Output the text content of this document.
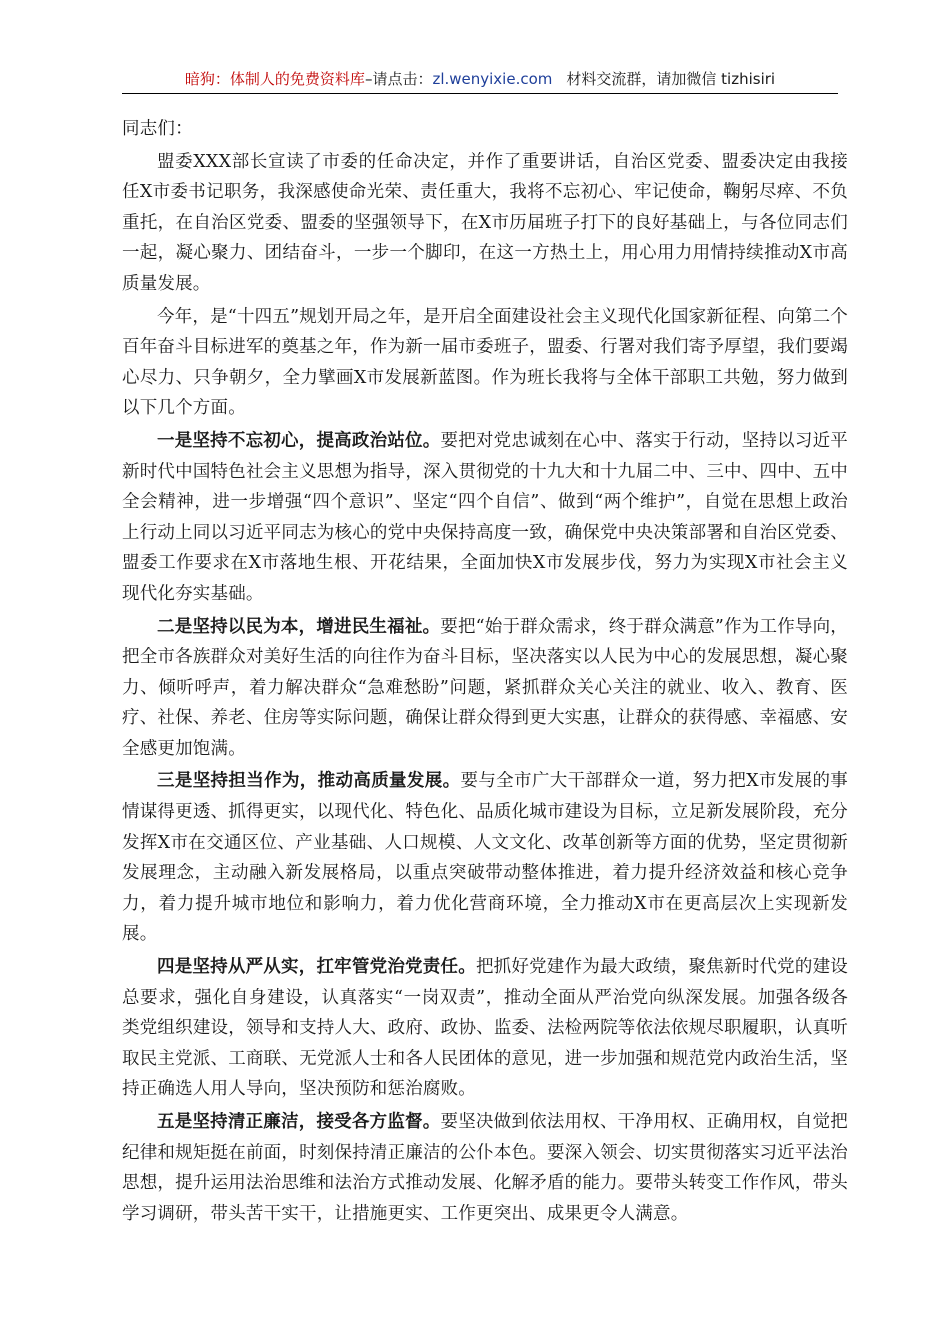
暗狗：体制人的免费资料库–请点击：zl.wenyixie.com 材料交流群，请加微信 tizhisiri

同志们：

盟委XXX部长宣读了市委的任命决定，并作了重要讲话，自治区党委、盟委决定由我接任X市委书记职务，我深感使命光荣、责任重大，我将不忘初心、牢记使命，鞠躬尽瘁、不负重托，在自治区党委、盟委的坚强领导下，在X市历届班子打下的良好基础上，与各位同志们一起，凝心聚力、团结奋斗，一步一个脚印，在这一方热土上，用心用力用情持续推动X市高质量发展。

今年，是“十四五”规划开局之年，是开启全面建设社会主义现代化国家新征程、向第二个百年奋斗目标进军的奠基之年，作为新一届市委班子，盟委、行署对我们寄予厚望，我们要竭心尽力、只争朝夕，全力擘画X市发展新蓝图。作为班长我将与全体干部职工共勉，努力做到以下几个方面。

一是坚持不忘初心，提高政治站位。要把对党忠诚刻在心中、落实于行动，坚持以习近平新时代中国特色社会主义思想为指导，深入贯彻党的十九大和十九届二中、三中、四中、五中全会精神，进一步增强“四个意识”、坚定“四个自信”、做到“两个维护”，自觉在思想上政治上行动上同以习近平同志为核心的党中央保持高度一致，确保党中央决策部署和自治区党委、盟委工作要求在X市落地生根、开花结果，全面加快X市发展步伐，努力为实现X市社会主义现代化夯实基础。

二是坚持以民为本，增进民生福祉。要把“始于群众需求，终于群众满意”作为工作导向，把全市各族群众对美好生活的向往作为奋斗目标，坚决落实以人民为中心的发展思想，凝心聚力、倾听呼声，着力解决群众“急难愁盼”问题，紧抓群众关心关注的就业、收入、教育、医疗、社保、养老、住房等实际问题，确保让群众得到更大实惠，让群众的获得感、幸福感、安全感更加饱满。

三是坚持担当作为，推动高质量发展。要与全市广大干部群众一道，努力把X市发展的事情谋得更透、抓得更实，以现代化、特色化、品质化城市建设为目标，立足新发展阶段，充分发挥X市在交通区位、产业基础、人口规模、人文文化、改革创新等方面的优势，坚定贯彻新发展理念，主动融入新发展格局，以重点突破带动整体推进，着力提升经济效益和核心竞争力，着力提升城市地位和影响力，着力优化营商环境，全力推动X市在更高层次上实现新发展。

四是坚持从严从实，扛牢管党治党责任。把抓好党建作为最大政绩，聚焦新时代党的建设总要求，强化自身建设，认真落实“一岗双责”，推动全面从严治党向纵深发展。加强各级各类党组织建设，领导和支持人大、政府、政协、监委、法检两院等依法依规尽职履职，认真听取民主党派、工商联、无党派人士和各人民团体的意见，进一步加强和规范党内政治生活，坚持正确选人用人导向，坚决预防和惩治腐败。

五是坚持清正廉洁，接受各方监督。要坚决做到依法用权、干净用权、正确用权，自觉把纪律和规矩挺在前面，时刻保持清正廉洁的公仆本色。要深入领会、切实贯彻落实习近平法治思想，提升运用法治思维和法治方式推动发展、化解矛盾的能力。要带头转变工作作风，带头学习调研，带头苦干实干，让措施更实、工作更突出、成果更令人满意。
